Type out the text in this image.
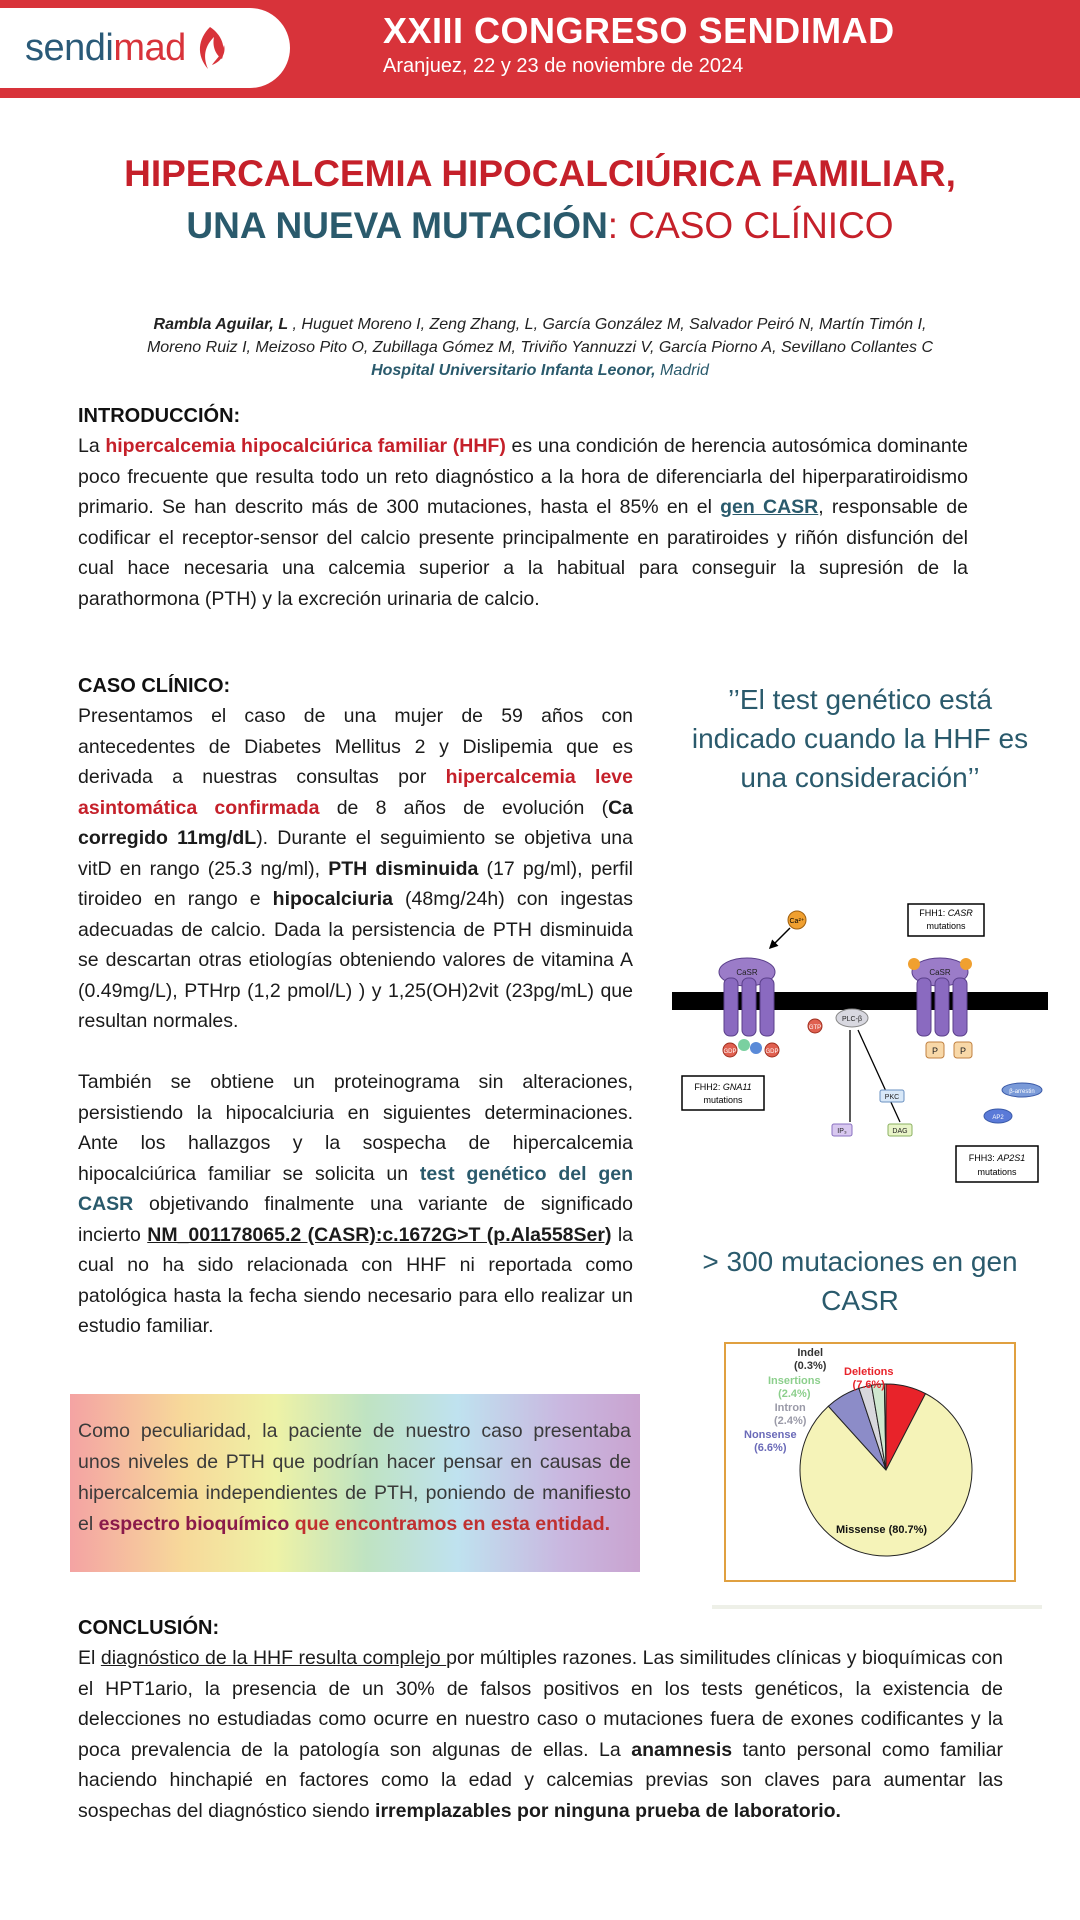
sendimad	XXIII CONGRESO SENDIMAD
Aranjuez, 22 y 23 de noviembre de 2024
HIPERCALCEMIA HIPOCALCIÚRICA FAMILIAR,
UNA NUEVA MUTACIÓN: CASO CLÍNICO
Rambla Aguilar, L , Huguet Moreno I, Zeng Zhang, L, García González M, Salvador Peiró N, Martín Timón I,
Moreno Ruiz I, Meizoso Pito O, Zubillaga Gómez M, Triviño Yannuzzi V, García Piorno A, Sevillano Collantes C
Hospital Universitario Infanta Leonor, Madrid
INTRODUCCIÓN:

La hipercalcemia hipocalciúrica familiar (HHF) es una condición de herencia autosómica dominante poco frecuente que resulta todo un reto diagnóstico a la hora de diferenciarla del hiperparatiroidismo primario. Se han descrito más de 300 mutaciones, hasta el 85% en el gen CASR, responsable de codificar el receptor-sensor del calcio presente principalmente en paratiroides y riñón disfunción del cual hace necesaria una calcemia superior a la habitual para conseguir la supresión de la parathormona (PTH) y la excreción urinaria de calcio.

CASO CLÍNICO:

Presentamos el caso de una mujer de 59 años con antecedentes de Diabetes Mellitus 2 y Dislipemia que es derivada a nuestras consultas por hipercalcemia leve asintomática confirmada de 8 años de evolución (Ca corregido 11mg/dL). Durante el seguimiento se objetiva una vitD en rango (25.3 ng/ml), PTH disminuida (17 pg/ml), perfil tiroideo en rango e hipocalciuria (48mg/24h) con ingestas adecuadas de calcio. Dada la persistencia de PTH disminuida se descartan otras etiologías obteniendo valores de vitamina A (0.49mg/L), PTHrp (1,2 pmol/L) ) y 1,25(OH)2vit (23pg/mL) que resultan normales.

También se obtiene un proteinograma sin alteraciones, persistiendo la hipocalciuria en siguientes determinaciones. Ante los hallazgos y la sospecha de hipercalcemia hipocalciúrica familiar se solicita un test genético del gen CASR objetivando finalmente una variante de significado incierto NM_001178065.2 (CASR):c.1672G>T (p.Ala558Ser) la cual no ha sido relacionada con HHF ni reportada como patológica hasta la fecha siendo necesario para ello realizar un estudio familiar.

Como peculiaridad, la paciente de nuestro caso presentaba unos niveles de PTH que podrían hacer pensar en causas de hipercalcemia independientes de PTH, poniendo de manifiesto el espectro bioquímico que encontramos en esta entidad.

’’El test genético está indicado cuando la HHF es una consideración’’

CaSR
Ca²⁺
GDP	GDP
GTP
PLC-β
IP₃	DAG
PKC
CaSR
P P
β-arrestin
AP2
FHH1: CASR
mutations
FHH2: GNA11
mutations
FHH3: AP2S1
mutations

> 300 mutaciones en gen CASR

Indel
(0.3%) Deletions
(7.6%)
Insertions
(2.4%)
Intron
(2.4%)
Nonsense
(6.6%)
Missense (80.7%)
CONCLUSIÓN:

El diagnóstico de la HHF resulta complejo por múltiples razones. Las similitudes clínicas y bioquímicas con el HPT1ario, la presencia de un 30% de falsos positivos en los tests genéticos, la existencia de delecciones no estudiadas como ocurre en nuestro caso o mutaciones fuera de exones codificantes y la poca prevalencia de la patología son algunas de ellas. La anamnesis tanto personal como familiar haciendo hinchapié en factores como la edad y calcemias previas son claves para aumentar las sospechas del diagnóstico siendo irremplazables por ninguna prueba de laboratorio.
